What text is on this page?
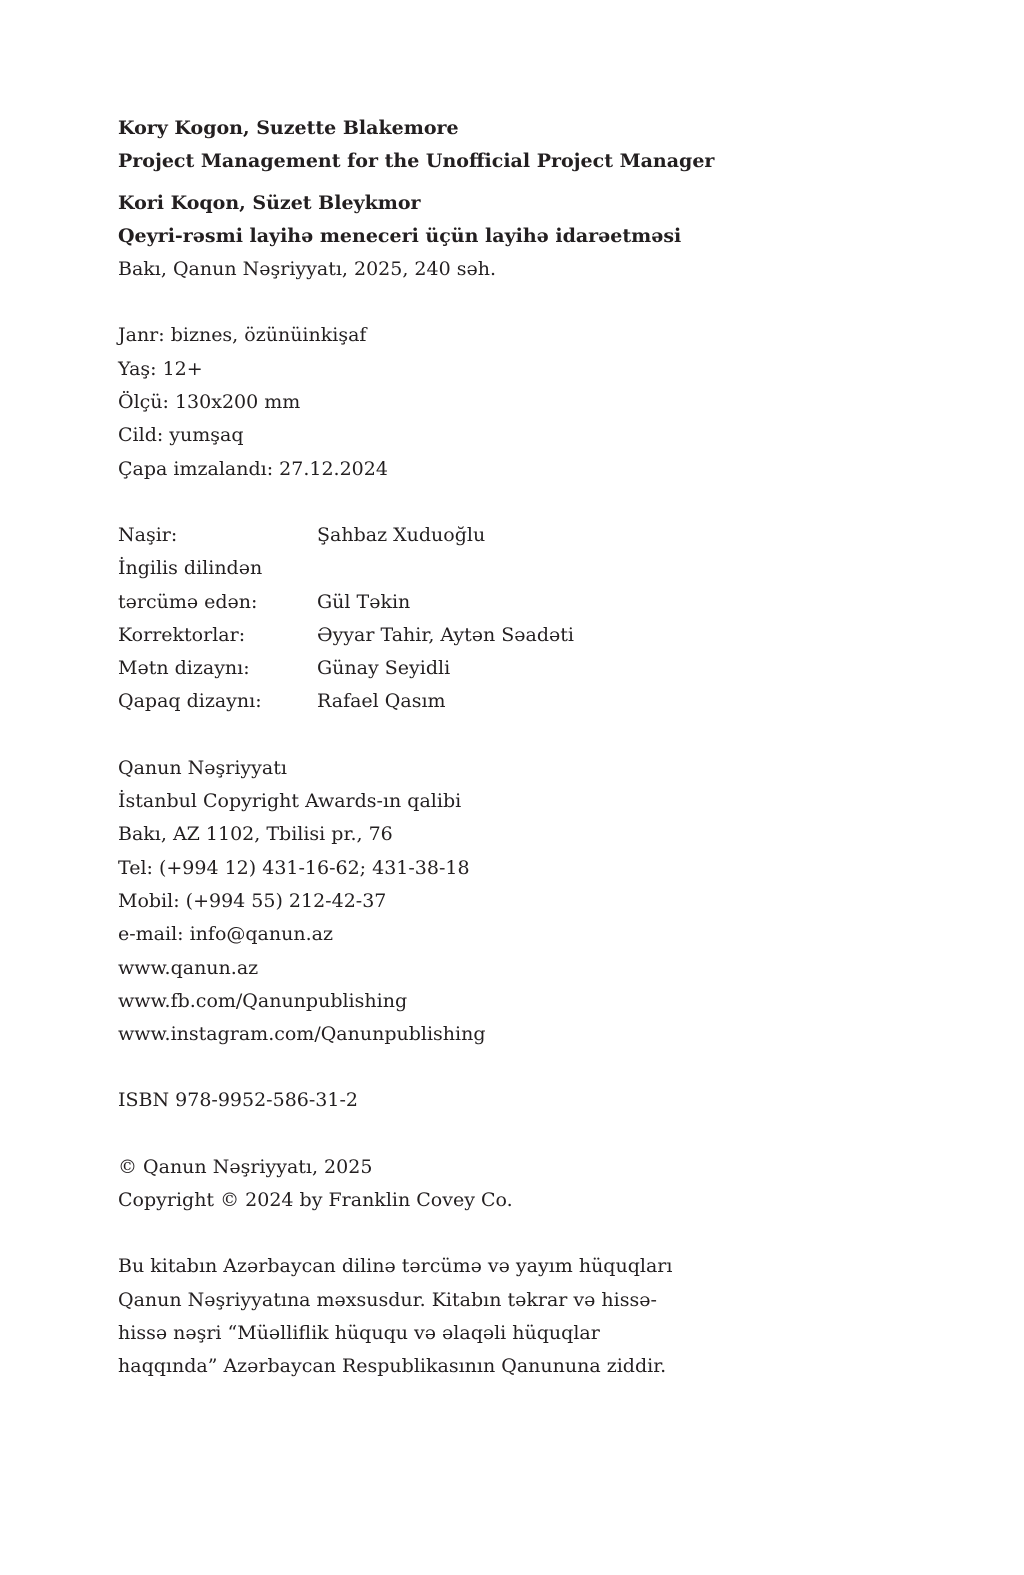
Kory Kogon, Suzette Blakemore
Project Management for the Unofficial Project Manager
Kori Koqon, Süzet Bleykmor
Qeyri-rəsmi layihə meneceri üçün layihə idarəetməsi
Bakı, Qanun Nəşriyyatı, 2025, 240 səh.
Janr: biznes, özünüinkişaf
Yaş: 12+
Ölçü: 130x200 mm
Cild: yumşaq
Çapa imzalandı: 27.12.2024
Naşir:	Şahbaz Xuduoğlu
İngilis dilindən
tərcümə edən:	Gül Təkin
Korrektorlar:	Əyyar Tahir, Aytən Səadəti
Mətn dizaynı:	Günay Seyidli
Qapaq dizaynı:	Rafael Qasım
Qanun Nəşriyyatı
İstanbul Copyright Awards-ın qalibi
Bakı, AZ 1102, Tbilisi pr., 76
Tel: (+994 12) 431-16-62; 431-38-18
Mobil: (+994 55) 212-42-37
e-mail: info@qanun.az
www.qanun.az
www.fb.com/Qanunpublishing
www.instagram.com/Qanunpublishing
ISBN 978-9952-586-31-2
© Qanun Nəşriyyatı, 2025
Copyright © 2024 by Franklin Covey Co.

Bu kitabın Azərbaycan dilinə tərcümə və yayım hüquqları Qanun Nəşriyyatına məxsusdur. Kitabın təkrar və hissə-hissə nəşri “Müəlliflik hüququ və əlaqəli hüquqlar haqqında” Azərbaycan Respublikasının Qanununa ziddir.
